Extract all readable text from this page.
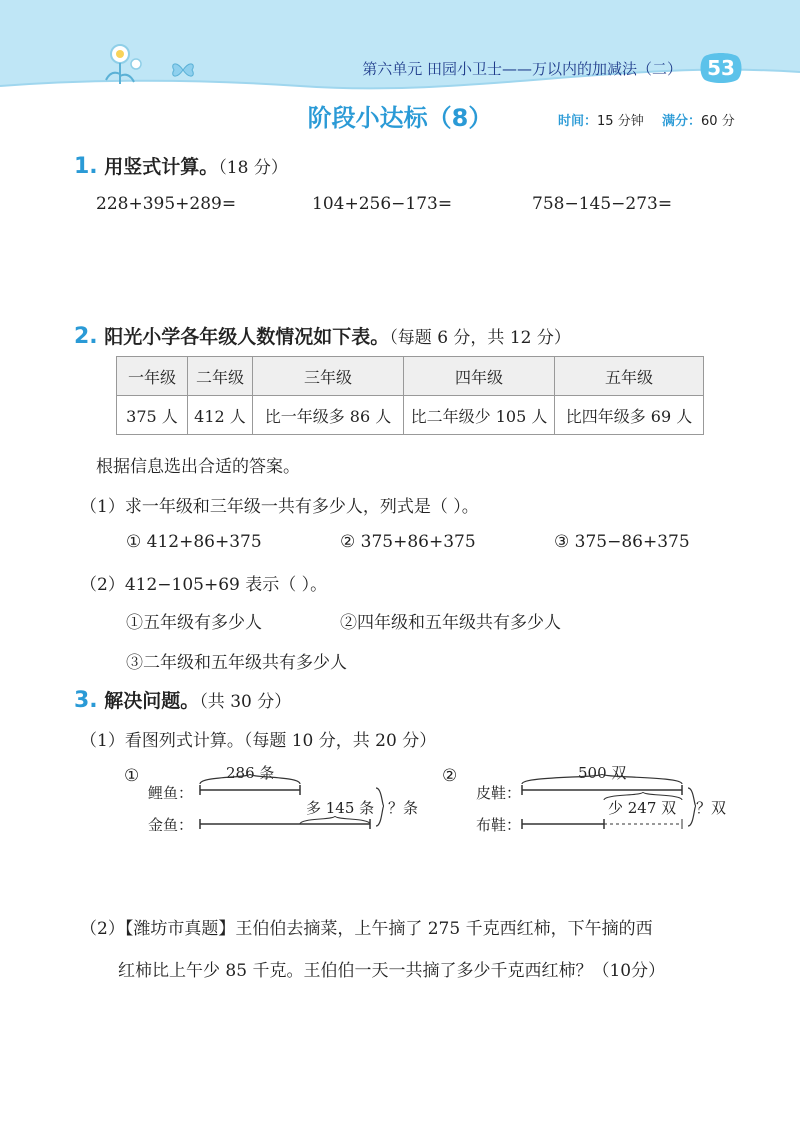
第六单元 田园小卫士——万以内的加减法（二）	53
阶段小达标（8）	时间：15 分钟 满分：60 分
1. 用竖式计算。（18 分）
228+395+289=	104+256−173=	758−145−273=
2. 阳光小学各年级人数情况如下表。（每题 6 分，共 12 分）
一年级	二年级	三年级	四年级	五年级
375 人	412 人	比一年级多 86 人	比二年级少 105 人	比四年级多 69 人
根据信息选出合适的答案。
（1）求一年级和三年级一共有多少人，列式是（ ）。
① 412+86+375	② 375+86+375	③ 375−86+375
（2）412−105+69 表示（ ）。
①五年级有多少人	②四年级和五年级共有多少人
③二年级和五年级共有多少人
3. 解决问题。（共 30 分）
（1）看图列式计算。（每题 10 分，共 20 分）
①	286 条
鲤鱼：
金鱼：
多 145 条 ？条
②	500 双
皮鞋：
布鞋：
少 247 双 ？双
（2）【潍坊市真题】王伯伯去摘菜，上午摘了 275 千克西红柿，下午摘的西
红柿比上午少 85 千克。王伯伯一天一共摘了多少千克西红柿？（10分）
